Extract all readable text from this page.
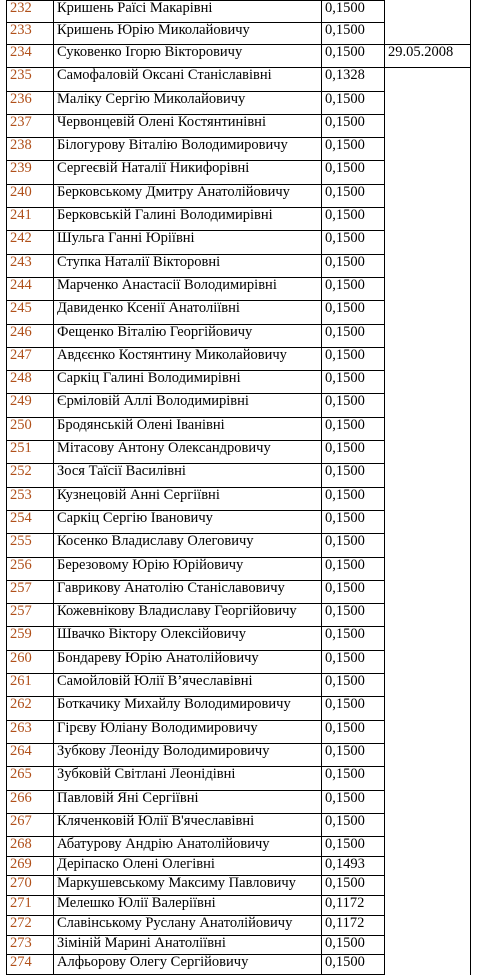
232	Кришень Раїсі Макарівні	0,1500	
233	Кришень Юрію Миколайовичу	0,1500	
234	Суковенко Ігорю Вікторовичу	0,1500	29.05.2008
235	Самофаловій Оксані Станіславівні	0,1328	
236	Маліку Сергію Миколайовичу	0,1500	
237	Червонцевій Олені Костянтинівні	0,1500	
238	Білогурову Віталію Володимировичу	0,1500	
239	Сергеєвій Наталії Никифорівні	0,1500	
240	Берковському Дмитру Анатолійовичу	0,1500	
241	Берковській Галині Володимирівні	0,1500	
242	Шульга Ганні Юріївні	0,1500	
243	Ступка Наталії Вікторовні	0,1500	
244	Марченко Анастасії Володимирівні	0,1500	
245	Давиденко Ксенії Анатоліївні	0,1500	
246	Фещенко Віталію Георгійовичу	0,1500	
247	Авдєєнко Костянтину Миколайовичу	0,1500	
248	Саркіц Галині Володимирівні	0,1500	
249	Єрміловій Аллі Володимирівні	0,1500	
250	Бродянській Олені Іванівні	0,1500	
251	Мітасову Антону Олександровичу	0,1500	
252	Зося Таїсії Василівні	0,1500	
253	Кузнецовій Анні Сергіївні	0,1500	
254	Саркіц Сергію Івановичу	0,1500	
255	Косенко Владиславу Олеговичу	0,1500	
256	Березовому Юрію Юрійовичу	0,1500	
257	Гаврикову Анатолію Станіславовичу	0,1500	
257	Кожевнікову Владиславу Георгійовичу	0,1500	
259	Швачко Віктору Олексійовичу	0,1500	
260	Бондареву Юрію Анатолійовичу	0,1500	
261	Самойловій Юлії В’ячеславівні	0,1500	
262	Боткачику Михайлу Володимировичу	0,1500	
263	Гірєву Юліану Володимировичу	0,1500	
264	Зубкову Леоніду Володимировичу	0,1500	
265	Зубковій Світлані Леонідівні	0,1500	
266	Павловій Яні Сергіївні	0,1500	
267	Кляченковій Юлії В'ячеславівні	0,1500	
268	Абатурову Андрію Анатолійовичу	0,1500	
269	Деріпаско Олені Олегівні	0,1493	
270	Маркушевському Максиму Павловичу	0,1500	
271	Мелешко Юлії Валеріївні	0,1172	
272	Славінському Руслану Анатолійовичу	0,1172	
273	Зіміній Марині Анатоліївні	0,1500	
274	Алфьорову Олегу Сергійовичу	0,1500	
